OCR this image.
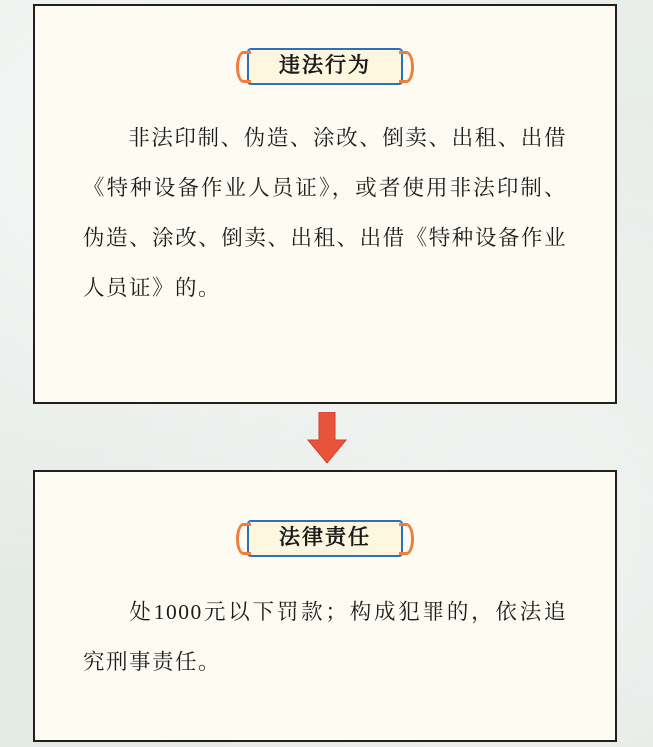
违法行为
非法印制、伪造、涂改、倒卖、出租、出借《特种设备作业人员证》，或者使用非法印制、伪造、涂改、倒卖、出租、出借《特种设备作业人员证》的。
法律责任
处1000元以下罚款；构成犯罪的，依法追究刑事责任。
